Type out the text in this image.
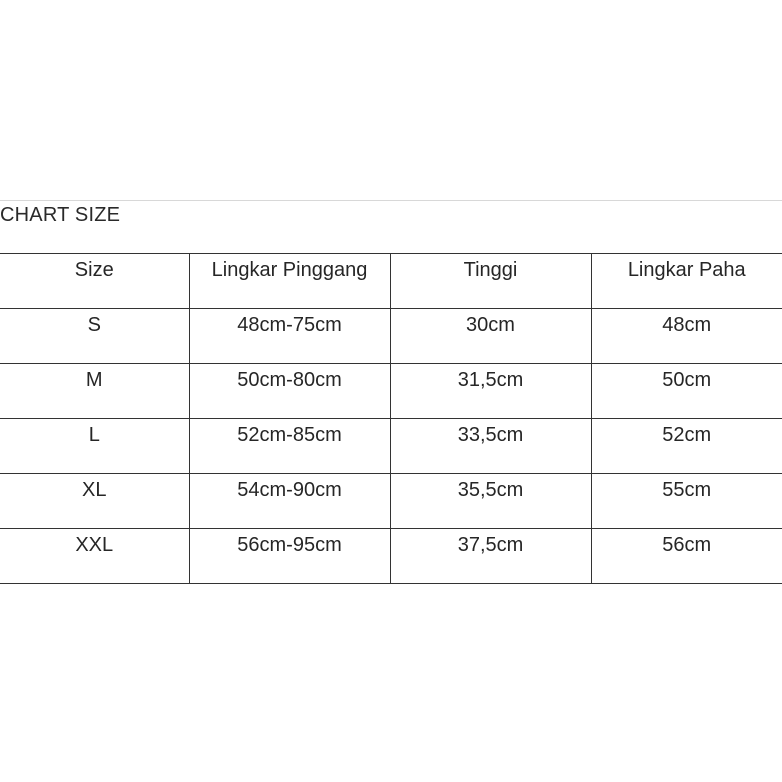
CHART SIZE
Size	Lingkar Pinggang	Tinggi	Lingkar Paha

S	48cm-75cm	30cm	48cm

M	50cm-80cm	31,5cm	50cm

L	52cm-85cm	33,5cm	52cm

XL	54cm-90cm	35,5cm	55cm

XXL	56cm-95cm	37,5cm	56cm
